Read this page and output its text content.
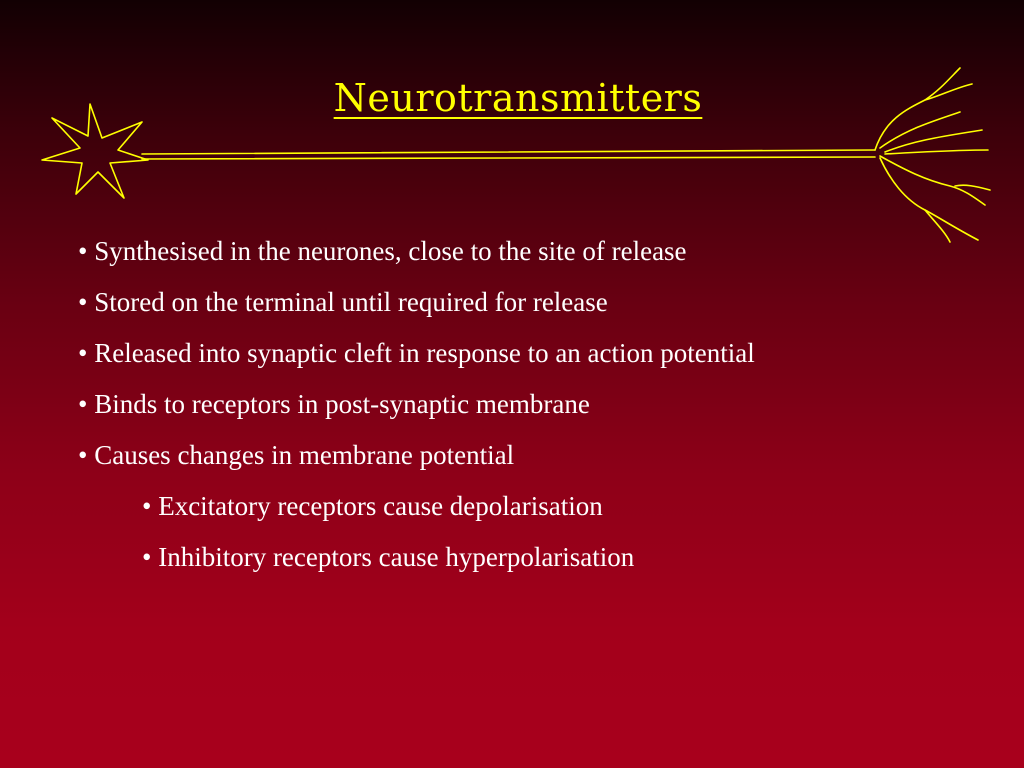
Neurotransmitters
• Synthesised in the neurones, close to the site of release
• Stored on the terminal until required for release
• Released into synaptic cleft in response to an action potential
• Binds to receptors in post-synaptic membrane
• Causes changes in membrane potential
• Excitatory receptors cause depolarisation
• Inhibitory receptors cause hyperpolarisation
